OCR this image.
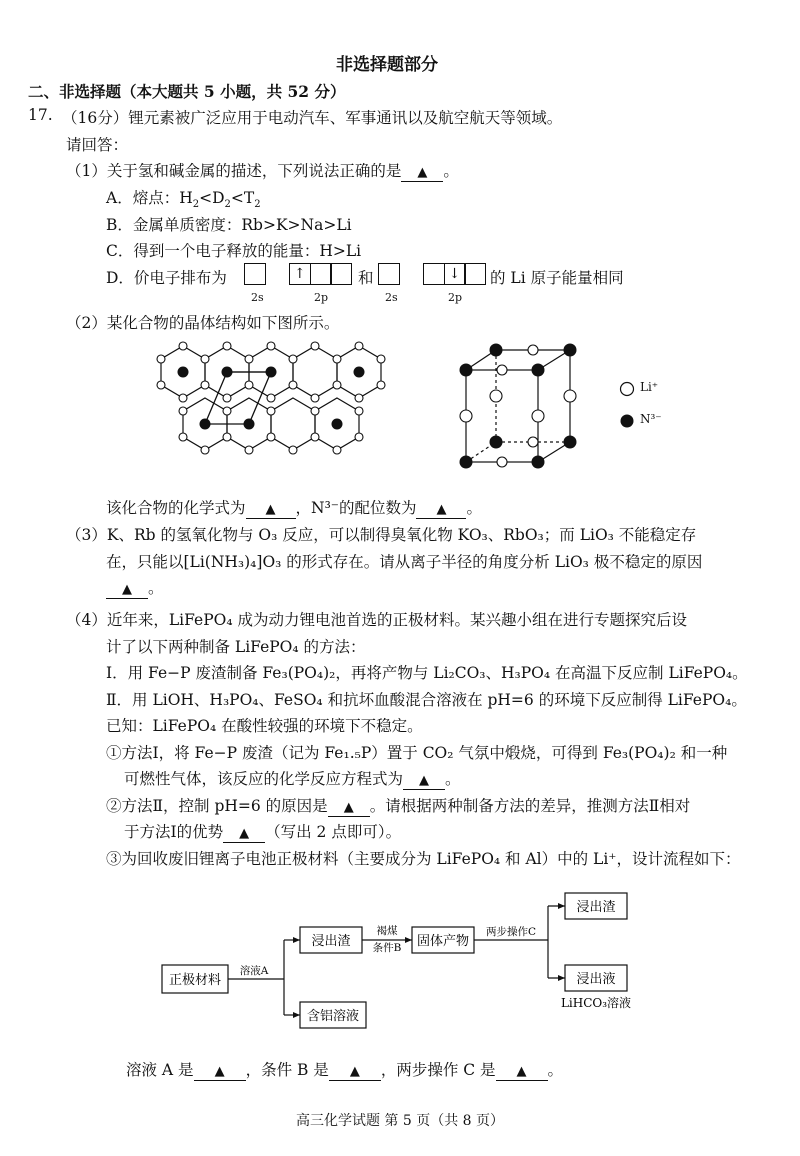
非选择题部分
二、非选择题（本大题共 5 小题，共 52 分）
17. （16分）锂元素被广泛应用于电动汽车、军事通讯以及航空航天等领域。
请回答：
（1）关于氢和碱金属的描述，下列说法正确的是 ▲ 。
A．熔点：$H_2<D_2<T_2$
B．金属单质密度：Rb>K>Na>Li
C．得到一个电子释放的能量：H>Li
D．价电子排布为	↑
2s	2p
和	↓
2s	2p
的 Li 原子能量相同
（2）某化合物的晶体结构如下图所示。
Li⁺
N³⁻
该化合物的化学式为 ▲ ，N³⁻的配位数为 ▲ 。
（3）K、Rb 的氢氧化物与 O₃ 反应，可以制得臭氧化物 KO₃、RbO₃；而 LiO₃ 不能稳定存
在，只能以[Li(NH₃)₄]O₃ 的形式存在。请从离子半径的角度分析 LiO₃ 极不稳定的原因
▲ 。
（4）近年来，LiFePO₄ 成为动力锂电池首选的正极材料。某兴趣小组在进行专题探究后设
计了以下两种制备 LiFePO₄ 的方法：
Ⅰ．用 Fe−P 废渣制备 Fe₃(PO₄)₂，再将产物与 Li₂CO₃、H₃PO₄ 在高温下反应制 LiFePO₄。
Ⅱ．用 LiOH、H₃PO₄、FeSO₄ 和抗坏血酸混合溶液在 pH=6 的环境下反应制得 LiFePO₄。
已知：LiFePO₄ 在酸性较强的环境下不稳定。
①方法Ⅰ，将 Fe−P 废渣（记为 Fe₁.₅P）置于 CO₂ 气氛中煅烧，可得到 Fe₃(PO₄)₂ 和一种
可燃性气体，该反应的化学反应方程式为 ▲ 。
②方法Ⅱ，控制 pH=6 的原因是 ▲ 。请根据两种制备方法的差异，推测方法Ⅱ相对
于方法Ⅰ的优势 ▲ （写出 2 点即可）。
③为回收废旧锂离子电池正极材料（主要成分为 LiFePO₄ 和 Al）中的 Li⁺，设计流程如下：
正极材料
溶液A
浸出渣
含铝溶液
褐煤
条件B 固体产物
两步操作C
浸出渣
浸出液
LiHCO₃溶液
溶液 A 是 ▲ ，条件 B 是 ▲ ，两步操作 C 是 ▲ 。
高三化学试题 第 5 页（共 8 页）
